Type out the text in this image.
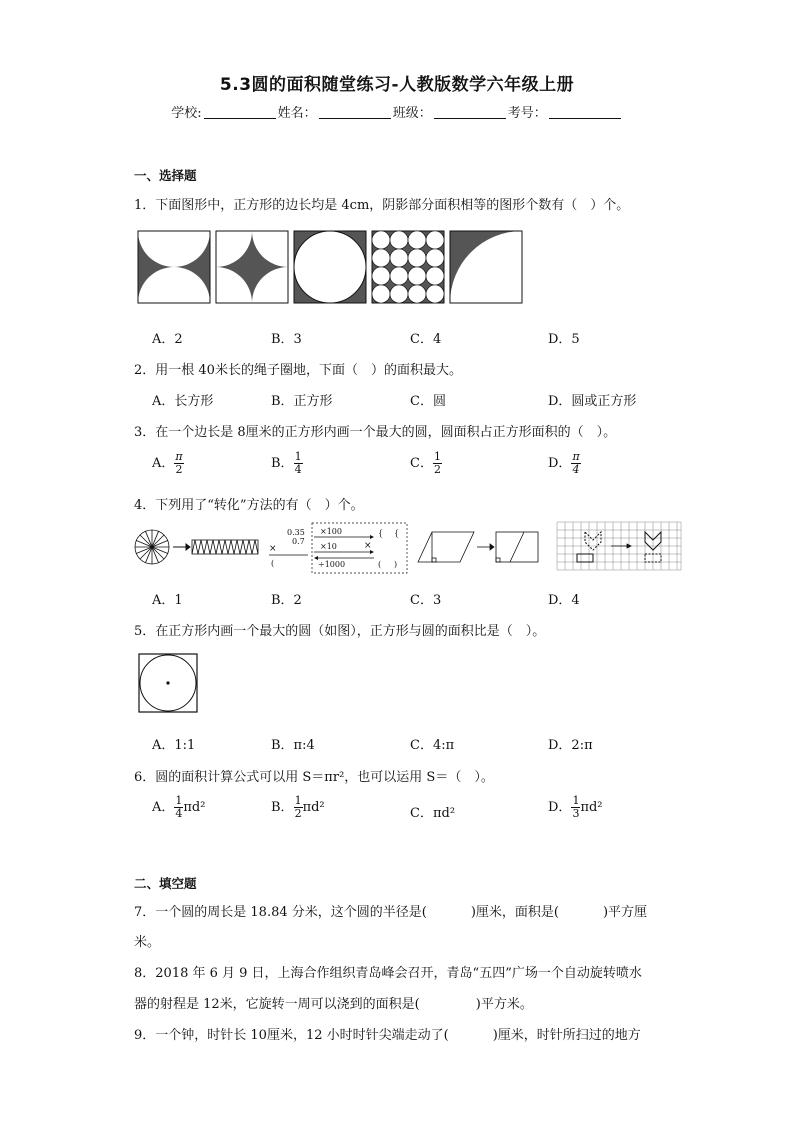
5.3圆的面积随堂练习-人教版数学六年级上册
学校:	姓名：	班级：	考号：
一、选择题
1．下面图形中，正方形的边长均是 4cm，阴影部分面积相等的图形个数有（　）个。
A．2	B．3	C．4	D．5
2．用一根 40米长的绳子圈地，下面（　）的面积最大。
A．长方形	B．正方形	C．圆	D．圆或正方形
3．在一个边长是 8厘米的正方形内画一个最大的圆，圆面积占正方形面积的（　）。
A． $\frac{\pi}{2}$	B． $\frac{1}{4}$	C． $\frac{1}{2}$	D． $\frac{\pi}{4}$
4．下列用了“转化”方法的有（　）个。
0.35
0.7
×
(
×100
×10
÷1000
×
{ {
( )
A．1	B．2	C．3	D．4
5．在正方形内画一个最大的圆（如图），正方形与圆的面积比是（　）。
A．1:1	B．π:4	C．4:π	D．2:π
6．圆的面积计算公式可以用 S＝πr²，也可以运用 S＝（　）。
A． $\frac{1}{4} \pi d^2$	B． $\frac{1}{2} \pi d^2$	C．πd²	D． $\frac{1}{3} \pi d^2$
二、填空题
7．一个圆的周长是 18.84 分米，这个圆的半径是(	)厘米，面积是(	)平方厘
米。
8．2018 年 6 月 9 日，上海合作组织青岛峰会召开，青岛“五四”广场一个自动旋转喷水
器的射程是 12米，它旋转一周可以浇到的面积是(	)平方米。
9．一个钟，时针长 10厘米，12 小时时针尖端走动了(	)厘米，时针所扫过的地方
